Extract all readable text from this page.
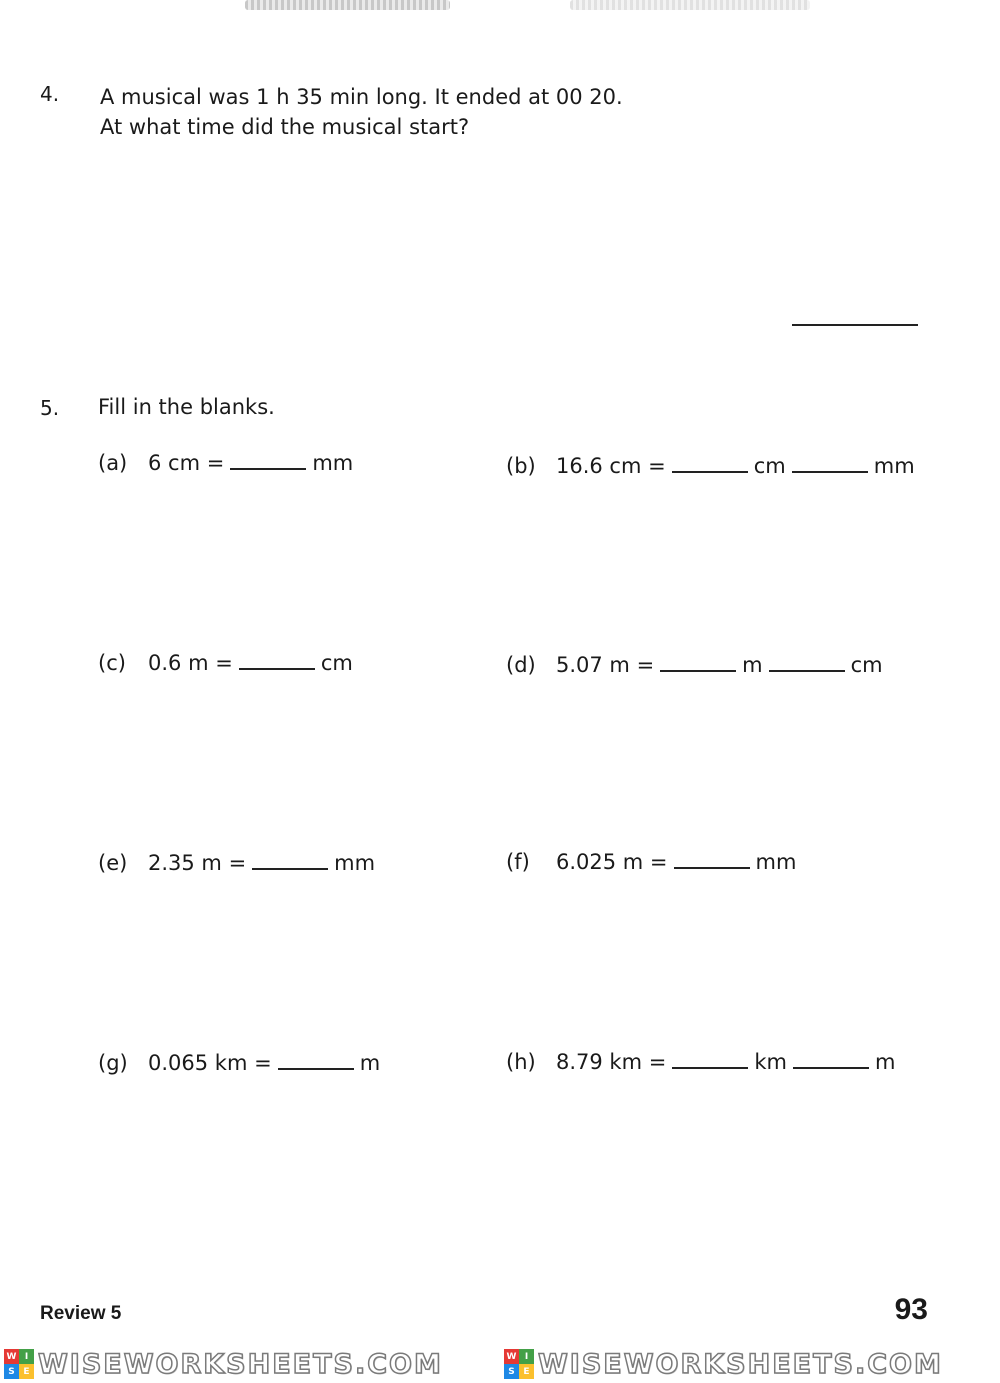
4. A musical was 1 h 35 min long. It ended at 00 20.
At what time did the musical start?
5. Fill in the blanks.
(a) 6 cm =	mm	(b) 16.6 cm =	cm	mm
(c)	0.6 m =	cm	(d) 5.07 m =	m	cm
(e) 2.35 m =	mm	(f)	6.025 m =	mm
(g) 0.065 km =	m	(h) 8.79 km =	km	m
Review 5	93
W I
S E WISEWORKSHEETS.COM	W I
S E WISEWORKSHEETS.COM
